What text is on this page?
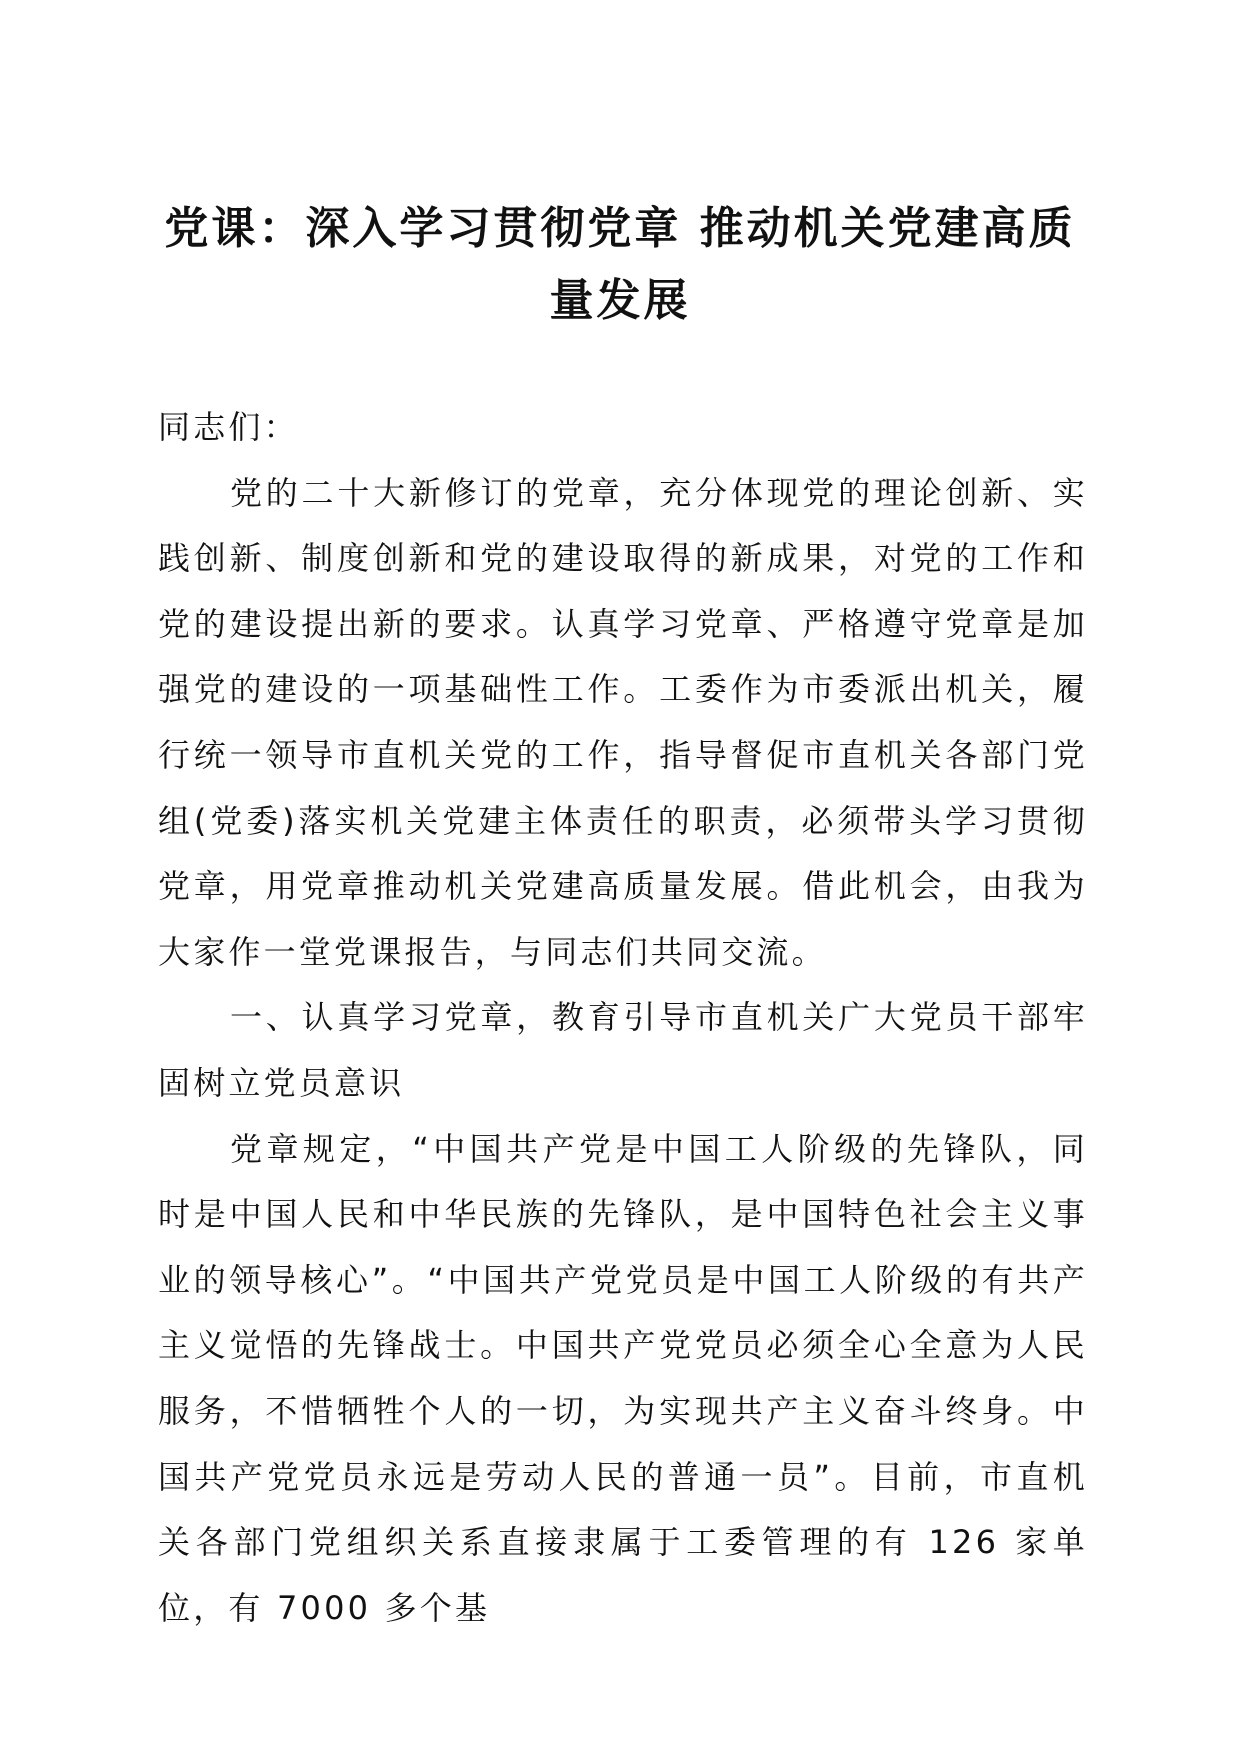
党课：深入学习贯彻党章 推动机关党建高质量发展

同志们：

党的二十大新修订的党章，充分体现党的理论创新、实践创新、制度创新和党的建设取得的新成果，对党的工作和党的建设提出新的要求。认真学习党章、严格遵守党章是加强党的建设的一项基础性工作。工委作为市委派出机关，履行统一领导市直机关党的工作，指导督促市直机关各部门党组(党委)落实机关党建主体责任的职责，必须带头学习贯彻党章，用党章推动机关党建高质量发展。借此机会，由我为大家作一堂党课报告，与同志们共同交流。

一、认真学习党章，教育引导市直机关广大党员干部牢固树立党员意识

党章规定，“中国共产党是中国工人阶级的先锋队，同时是中国人民和中华民族的先锋队，是中国特色社会主义事业的领导核心”。“中国共产党党员是中国工人阶级的有共产主义觉悟的先锋战士。中国共产党党员必须全心全意为人民服务，不惜牺牲个人的一切，为实现共产主义奋斗终身。中国共产党党员永远是劳动人民的普通一员”。目前，市直机关各部门党组织关系直接隶属于工委管理的有 126 家单位，有 7000 多个基
